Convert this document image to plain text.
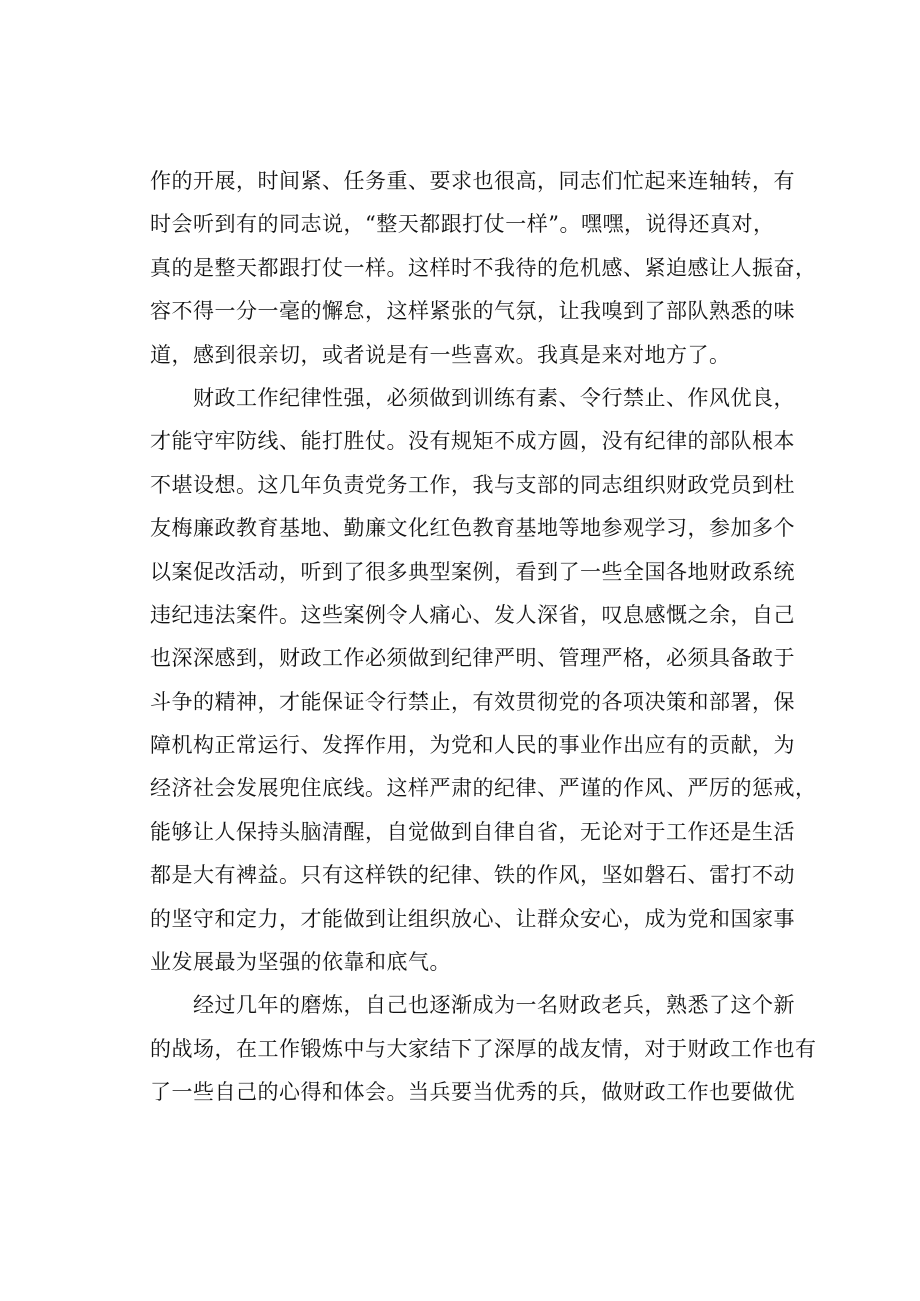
作的开展，时间紧、任务重、要求也很高，同志们忙起来连轴转，有
时会听到有的同志说，“整天都跟打仗一样”。嘿嘿，说得还真对，
真的是整天都跟打仗一样。这样时不我待的危机感、紧迫感让人振奋，
容不得一分一毫的懈怠，这样紧张的气氛，让我嗅到了部队熟悉的味
道，感到很亲切，或者说是有一些喜欢。我真是来对地方了。
　　财政工作纪律性强，必须做到训练有素、令行禁止、作风优良，
才能守牢防线、能打胜仗。没有规矩不成方圆，没有纪律的部队根本
不堪设想。这几年负责党务工作，我与支部的同志组织财政党员到杜
友梅廉政教育基地、勤廉文化红色教育基地等地参观学习，参加多个
以案促改活动，听到了很多典型案例，看到了一些全国各地财政系统
违纪违法案件。这些案例令人痛心、发人深省，叹息感慨之余，自己
也深深感到，财政工作必须做到纪律严明、管理严格，必须具备敢于
斗争的精神，才能保证令行禁止，有效贯彻党的各项决策和部署，保
障机构正常运行、发挥作用，为党和人民的事业作出应有的贡献，为
经济社会发展兜住底线。这样严肃的纪律、严谨的作风、严厉的惩戒，
能够让人保持头脑清醒，自觉做到自律自省，无论对于工作还是生活
都是大有裨益。只有这样铁的纪律、铁的作风，坚如磐石、雷打不动
的坚守和定力，才能做到让组织放心、让群众安心，成为党和国家事
业发展最为坚强的依靠和底气。
　　经过几年的磨炼，自己也逐渐成为一名财政老兵，熟悉了这个新
的战场，在工作锻炼中与大家结下了深厚的战友情，对于财政工作也有
了一些自己的心得和体会。当兵要当优秀的兵，做财政工作也要做优
